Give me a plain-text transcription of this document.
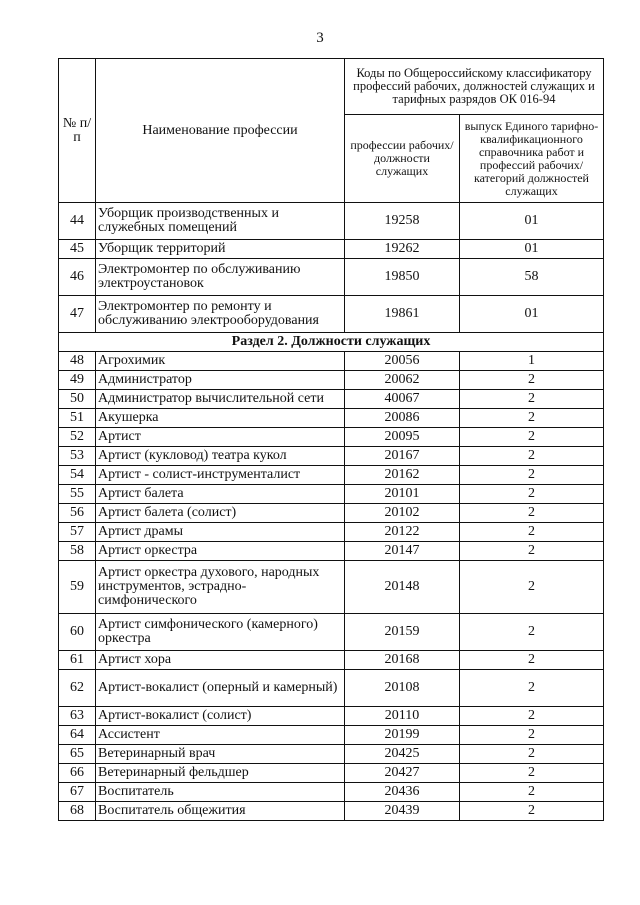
3
№ п/п	Наименование профессии	Коды по Общероссийскому классификатору профессий рабочих, должностей служащих и тарифных разрядов ОК 016-94	
		профессии рабочих/ должности служащих	выпуск Единого тарифно-квалификационного справочника работ и профессий рабочих/категорий должностей служащих
44	Уборщик производственных и служебных помещений	19258	01
45	Уборщик территорий	19262	01
46	Электромонтер по обслуживанию электроустановок	19850	58
47	Электромонтер по ремонту и обслуживанию электрооборудования	19861	01
Раздел 2. Должности служащих			
48	Агрохимик	20056	1
49	Администратор	20062	2
50	Администратор вычислительной сети	40067	2
51	Акушерка	20086	2
52	Артист	20095	2
53	Артист (кукловод) театра кукол	20167	2
54	Артист - солист-инструменталист	20162	2
55	Артист балета	20101	2
56	Артист балета (солист)	20102	2
57	Артист драмы	20122	2
58	Артист оркестра	20147	2
59	Артист оркестра духового, народных инструментов, эстрадно-симфонического	20148	2
60	Артист симфонического (камерного) оркестра	20159	2
61	Артист хора	20168	2
62	Артист-вокалист (оперный и камерный)	20108	2
63	Артист-вокалист (солист)	20110	2
64	Ассистент	20199	2
65	Ветеринарный врач	20425	2
66	Ветеринарный фельдшер	20427	2
67	Воспитатель	20436	2
68	Воспитатель общежития	20439	2
